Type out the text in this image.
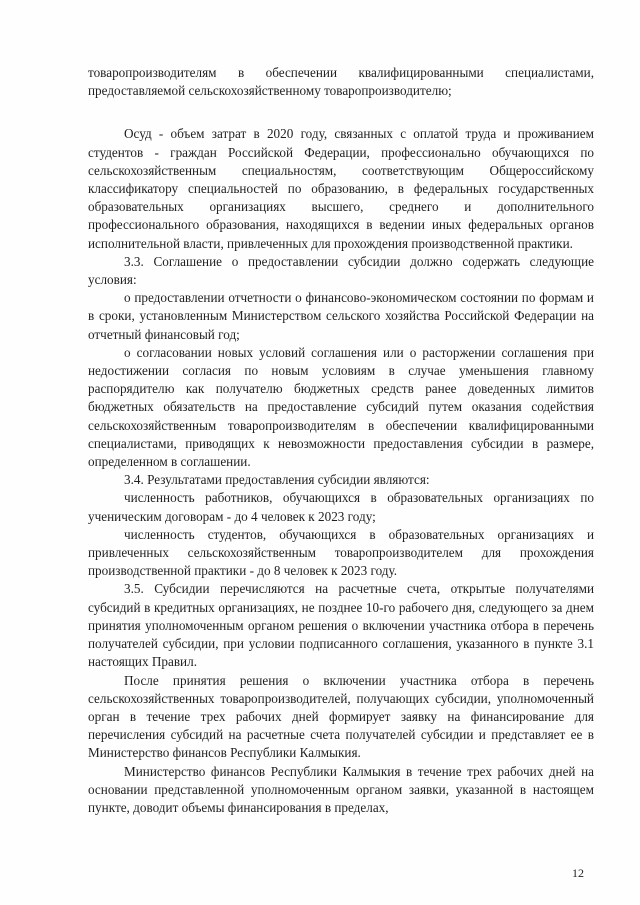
товаропроизводителям в обеспечении квалифицированными специалистами, предоставляемой сельскохозяйственному товаропроизводителю;

Осуд - объем затрат в 2020 году, связанных с оплатой труда и проживанием студентов - граждан Российской Федерации, профессионально обучающихся по сельскохозяйственным специальностям, соответствующим Общероссийскому классификатору специальностей по образованию, в федеральных государственных образовательных организациях высшего, среднего и дополнительного профессионального образования, находящихся в ведении иных федеральных органов исполнительной власти, привлеченных для прохождения производственной практики.

3.3. Соглашение о предоставлении субсидии должно содержать следующие условия:

о предоставлении отчетности о финансово-экономическом состоянии по формам и в сроки, установленным Министерством сельского хозяйства Российской Федерации на отчетный финансовый год;

о согласовании новых условий соглашения или о расторжении соглашения при недостижении согласия по новым условиям в случае уменьшения главному распорядителю как получателю бюджетных средств ранее доведенных лимитов бюджетных обязательств на предоставление субсидий путем оказания содействия сельскохозяйственным товаропроизводителям в обеспечении квалифицированными специалистами, приводящих к невозможности предоставления субсидии в размере, определенном в соглашении.

3.4. Результатами предоставления субсидии являются:

численность работников, обучающихся в образовательных организациях по ученическим договорам - до 4 человек к 2023 году;

численность студентов, обучающихся в образовательных организациях и привлеченных сельскохозяйственным товаропроизводителем для прохождения производственной практики - до 8 человек к 2023 году.

3.5. Субсидии перечисляются на расчетные счета, открытые получателями субсидий в кредитных организациях, не позднее 10-го рабочего дня, следующего за днем принятия уполномоченным органом решения о включении участника отбора в перечень получателей субсидии, при условии подписанного соглашения, указанного в пункте 3.1 настоящих Правил.

После принятия решения о включении участника отбора в перечень сельскохозяйственных товаропроизводителей, получающих субсидии, уполномоченный орган в течение трех рабочих дней формирует заявку на финансирование для перечисления субсидий на расчетные счета получателей субсидии и представляет ее в Министерство финансов Республики Калмыкия.

Министерство финансов Республики Калмыкия в течение трех рабочих дней на основании представленной уполномоченным органом заявки, указанной в настоящем пункте, доводит объемы финансирования в пределах,

12
